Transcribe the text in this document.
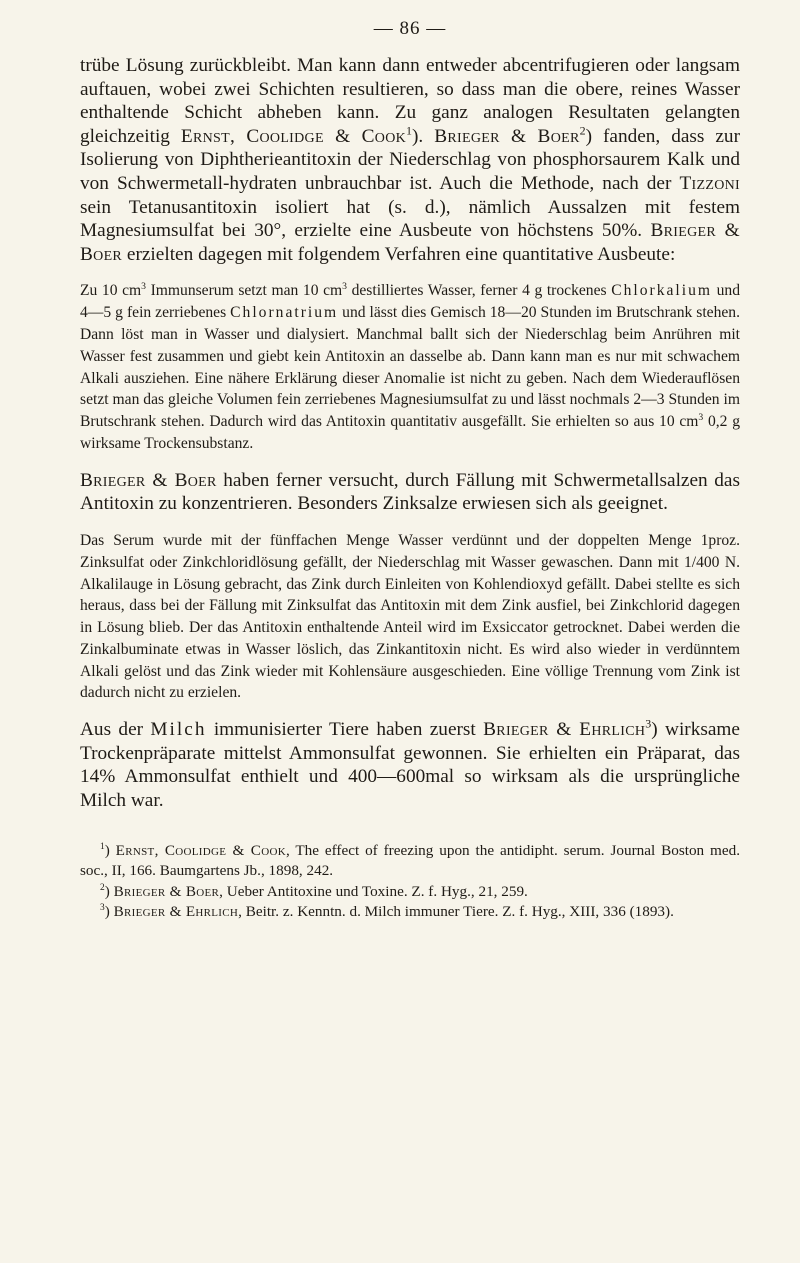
— 86 —

trübe Lösung zurückbleibt. Man kann dann entweder abcentrifugieren oder langsam auftauen, wobei zwei Schichten resultieren, so dass man die obere, reines Wasser enthaltende Schicht abheben kann. Zu ganz analogen Resultaten gelangten gleichzeitig Ernst, Coolidge & Cook$^1$). Brieger & Boer$^2$) fanden, dass zur Isolierung von Diphtherieantitoxin der Niederschlag von phosphorsaurem Kalk und von Schwermetall-hydraten unbrauchbar ist. Auch die Methode, nach der Tizzoni sein Tetanusantitoxin isoliert hat (s. d.), nämlich Aussalzen mit festem Magnesiumsulfat bei 30°, erzielte eine Ausbeute von höchstens 50%. Brieger & Boer erzielten dagegen mit folgendem Verfahren eine quantitative Ausbeute:

Zu 10 $cm^3$ Immunserum setzt man 10 $cm^3$ destilliertes Wasser, ferner 4 g trockenes Chlorkalium und 4—5 g fein zerriebenes Chlornatrium und lässt dies Gemisch 18—20 Stunden im Brutschrank stehen. Dann löst man in Wasser und dialysiert. Manchmal ballt sich der Niederschlag beim Anrühren mit Wasser fest zusammen und giebt kein Antitoxin an dasselbe ab. Dann kann man es nur mit schwachem Alkali ausziehen. Eine nähere Erklärung dieser Anomalie ist nicht zu geben. Nach dem Wiederauflösen setzt man das gleiche Volumen fein zerriebenes Magnesiumsulfat zu und lässt nochmals 2—3 Stunden im Brutschrank stehen. Dadurch wird das Antitoxin quantitativ ausgefällt. Sie erhielten so aus 10 $cm^3$ 0,2 g wirksame Trockensubstanz.

Brieger & Boer haben ferner versucht, durch Fällung mit Schwermetallsalzen das Antitoxin zu konzentrieren. Besonders Zinksalze erwiesen sich als geeignet.

Das Serum wurde mit der fünffachen Menge Wasser verdünnt und der doppelten Menge 1proz. Zinksulfat oder Zinkchloridlösung gefällt, der Niederschlag mit Wasser gewaschen. Dann mit 1/400 N. Alkalilauge in Lösung gebracht, das Zink durch Einleiten von Kohlendioxyd gefällt. Dabei stellte es sich heraus, dass bei der Fällung mit Zinksulfat das Antitoxin mit dem Zink ausfiel, bei Zinkchlorid dagegen in Lösung blieb. Der das Antitoxin enthaltende Anteil wird im Exsiccator getrocknet. Dabei werden die Zinkalbuminate etwas in Wasser löslich, das Zinkantitoxin nicht. Es wird also wieder in verdünntem Alkali gelöst und das Zink wieder mit Kohlensäure ausgeschieden. Eine völlige Trennung vom Zink ist dadurch nicht zu erzielen.

Aus der Milch immunisierter Tiere haben zuerst Brieger & Ehrlich$^3$) wirksame Trockenpräparate mittelst Ammonsulfat gewonnen. Sie erhielten ein Präparat, das 14% Ammonsulfat enthielt und 400—600mal so wirksam als die ursprüngliche Milch war.

$^1$) Ernst, Coolidge & Cook, The effect of freezing upon the antidipht. serum. Journal Boston med. soc., II, 166. Baumgartens Jb., 1898, 242.

$^2$) Brieger & Boer, Ueber Antitoxine und Toxine. Z. f. Hyg., 21, 259.

$^3$) Brieger & Ehrlich, Beitr. z. Kenntn. d. Milch immuner Tiere. Z. f. Hyg., XIII, 336 (1893).
